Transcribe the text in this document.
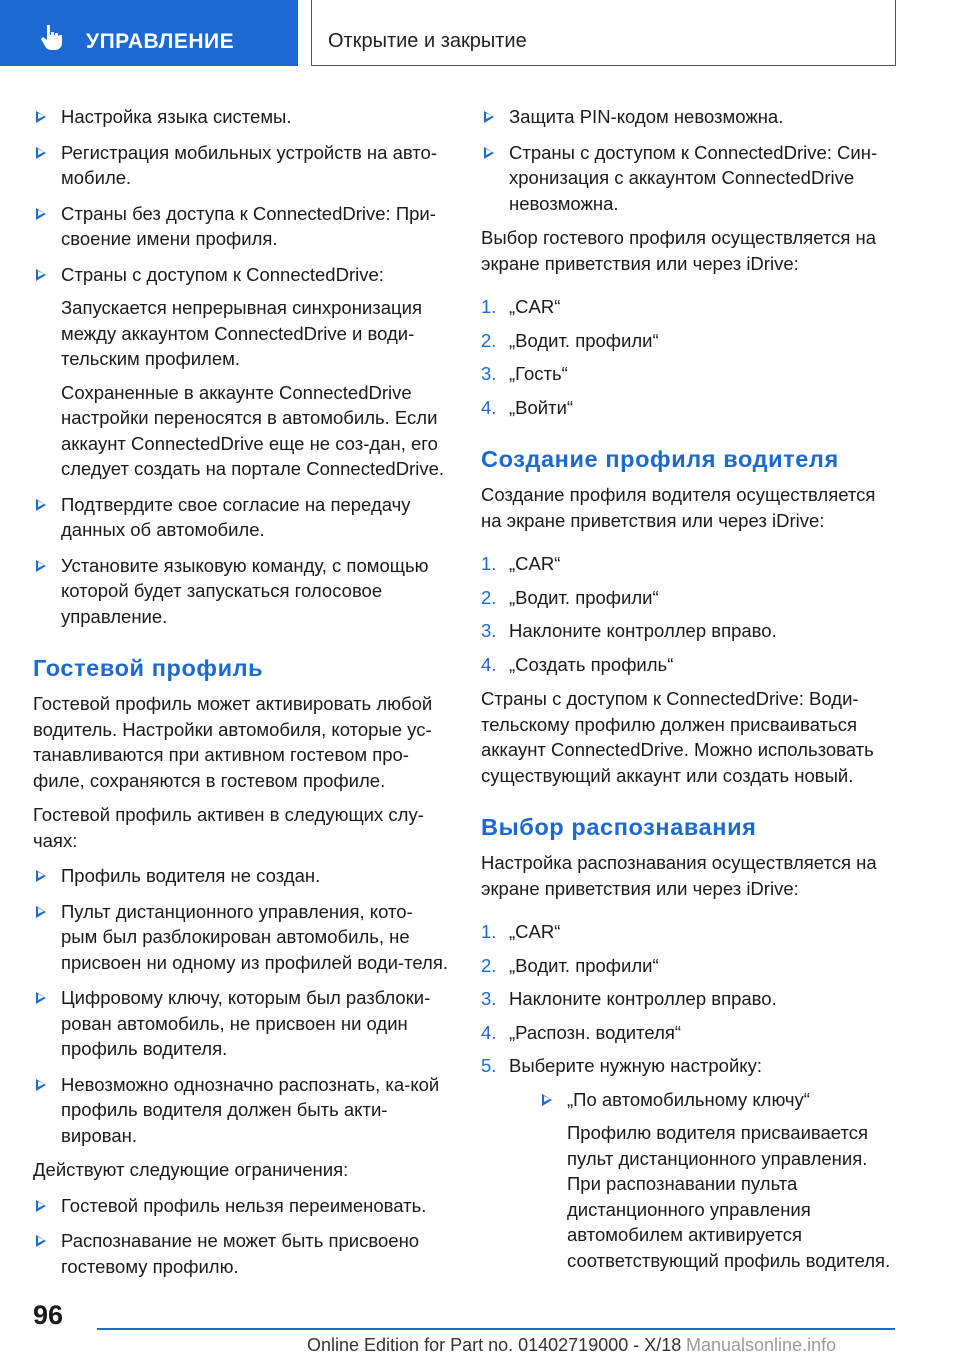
УПРАВЛЕНИЕ	Открытие и закрытие
Настройка языка системы.
Регистрация мобильных устройств на авто-мобиле.
Страны без доступа к ConnectedDrive: При-своение имени профиля.
Страны с доступом к ConnectedDrive:

Запускается непрерывная синхронизация между аккаунтом ConnectedDrive и води-тельским профилем.

Сохраненные в аккаунте ConnectedDrive настройки переносятся в автомобиль. Если аккаунт ConnectedDrive еще не соз-дан, его следует создать на портале ConnectedDrive.

Подтвердите свое согласие на передачу данных об автомобиле.
Установите языковую команду, с помощью которой будет запускаться голосовое управление.
Гостевой профиль

Гостевой профиль может активировать любой водитель. Настройки автомобиля, которые ус-танавливаются при активном гостевом про-филе, сохраняются в гостевом профиле.

Гостевой профиль активен в следующих слу-чаях:

Профиль водителя не создан.
Пульт дистанционного управления, кото-рым был разблокирован автомобиль, не присвоен ни одному из профилей води-теля.
Цифровому ключу, которым был разблоки-рован автомобиль, не присвоен ни один профиль водителя.
Невозможно однозначно распознать, ка-кой профиль водителя должен быть акти-вирован.

Действуют следующие ограничения:

Гостевой профиль нельзя переименовать.
Распознавание не может быть присвоено гостевому профилю.
Защита PIN-кодом невозможна.
Страны с доступом к ConnectedDrive: Син-хронизация с аккаунтом ConnectedDrive невозможна.

Выбор гостевого профиля осуществляется на экране приветствия или через iDrive:

1. „CAR“
2. „Водит. профили“
3. „Гость“
4. „Войти“
Создание профиля водителя

Создание профиля водителя осуществляется на экране приветствия или через iDrive:

1. „CAR“
2. „Водит. профили“
3. Наклоните контроллер вправо.
4. „Создать профиль“

Страны с доступом к ConnectedDrive: Води-тельскому профилю должен присваиваться аккаунт ConnectedDrive. Можно использовать существующий аккаунт или создать новый.

Выбор распознавания

Настройка распознавания осуществляется на экране приветствия или через iDrive:

1. „CAR“
2. „Водит. профили“
3. Наклоните контроллер вправо.
4. „Распозн. водителя“
5. Выберите нужную настройку:
„По автомобильному ключу“

Профилю водителя присваивается пульт дистанционного управления. При распознавании пульта дистанционного управления автомобилем активируется соответствующий профиль водителя.

96
Online Edition for Part no. 01402719000 - X/18 Manualsonline.info
